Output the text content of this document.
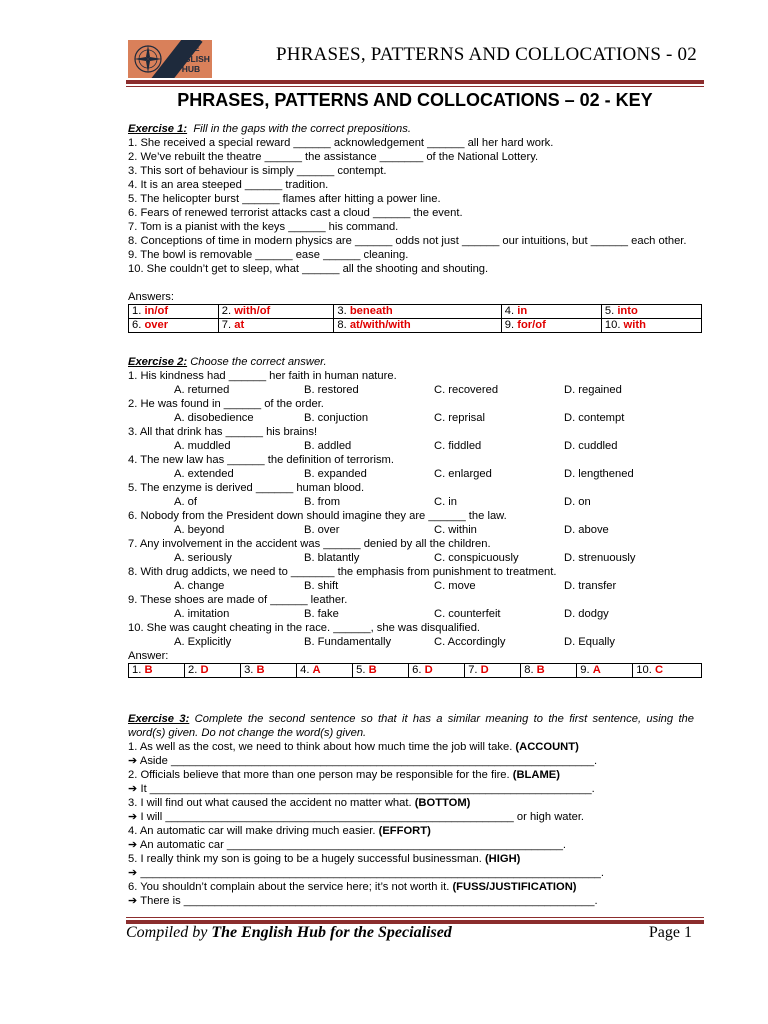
THE
ENGLISH
HUB
PHRASES, PATTERNS AND COLLOCATIONS - 02
PHRASES, PATTERNS AND COLLOCATIONS – 02 - KEY

Exercise 1: Fill in the gaps with the correct prepositions.

1. She received a special reward ______ acknowledgement ______ all her hard work.

2. We’ve rebuilt the theatre ______ the assistance _______ of the National Lottery.

3. This sort of behaviour is simply ______ contempt.

4. It is an area steeped ______ tradition.

5. The helicopter burst ______ flames after hitting a power line.

6. Fears of renewed terrorist attacks cast a cloud ______ the event.

7. Tom is a pianist with the keys ______ his command.

8. Conceptions of time in modern physics are ______ odds not just ______ our intuitions, but ______ each other.

9. The bowl is removable ______ ease ______ cleaning.

10. She couldn’t get to sleep, what ______ all the shooting and shouting.

Answers:

1. in/of	2. with/of	3. beneath	4. in	5. into
6. over	7. at	8. at/with/with	9. for/of	10. with

Exercise 2: Choose the correct answer.

1. His kindness had ______ her faith in human nature.

A. returned	B. restored	C. recovered	D. regained

2. He was found in ______ of the order.

A. disobedience	B. conjuction	C. reprisal	D. contempt

3. All that drink has ______ his brains!

A. muddled	B. addled	C. fiddled	D. cuddled

4. The new law has ______ the definition of terrorism.

A. extended	B. expanded	C. enlarged	D. lengthened

5. The enzyme is derived ______ human blood.

A. of	B. from	C. in	D. on

6. Nobody from the President down should imagine they are ______ the law.

A. beyond	B. over	C. within	D. above

7. Any involvement in the accident was ______ denied by all the children.

A. seriously	B. blatantly	C. conspicuously	D. strenuously

8. With drug addicts, we need to _______ the emphasis from punishment to treatment.

A. change	B. shift	C. move	D. transfer

9. These shoes are made of ______ leather.

A. imitation	B. fake	C. counterfeit	D. dodgy

10. She was caught cheating in the race. ______, she was disqualified.

A. Explicitly	B. Fundamentally	C. Accordingly	D. Equally

Answer:

1. B	2. D	3. B	4. A	5. B	6. D	7. D	8. B	9. A	10. C

Exercise 3: Complete the second sentence so that it has a similar meaning to the first sentence, using the word(s) given. Do not change the word(s) given.

1. As well as the cost, we need to think about how much time the job will take. (ACCOUNT)

➔ Aside ____________________________________________________________________.

2. Officials believe that more than one person may be responsible for the fire. (BLAME)

➔ It _______________________________________________________________________.

3. I will find out what caused the accident no matter what. (BOTTOM)

➔ I will ________________________________________________________ or high water.

4. An automatic car will make driving much easier. (EFFORT)

➔ An automatic car ______________________________________________________.

5. I really think my son is going to be a hugely successful businessman. (HIGH)

➔ __________________________________________________________________________.

6. You shouldn’t complain about the service here; it’s not worth it. (FUSS/JUSTIFICATION)

➔ There is __________________________________________________________________.

Compiled by The English Hub for the Specialised	Page 1
